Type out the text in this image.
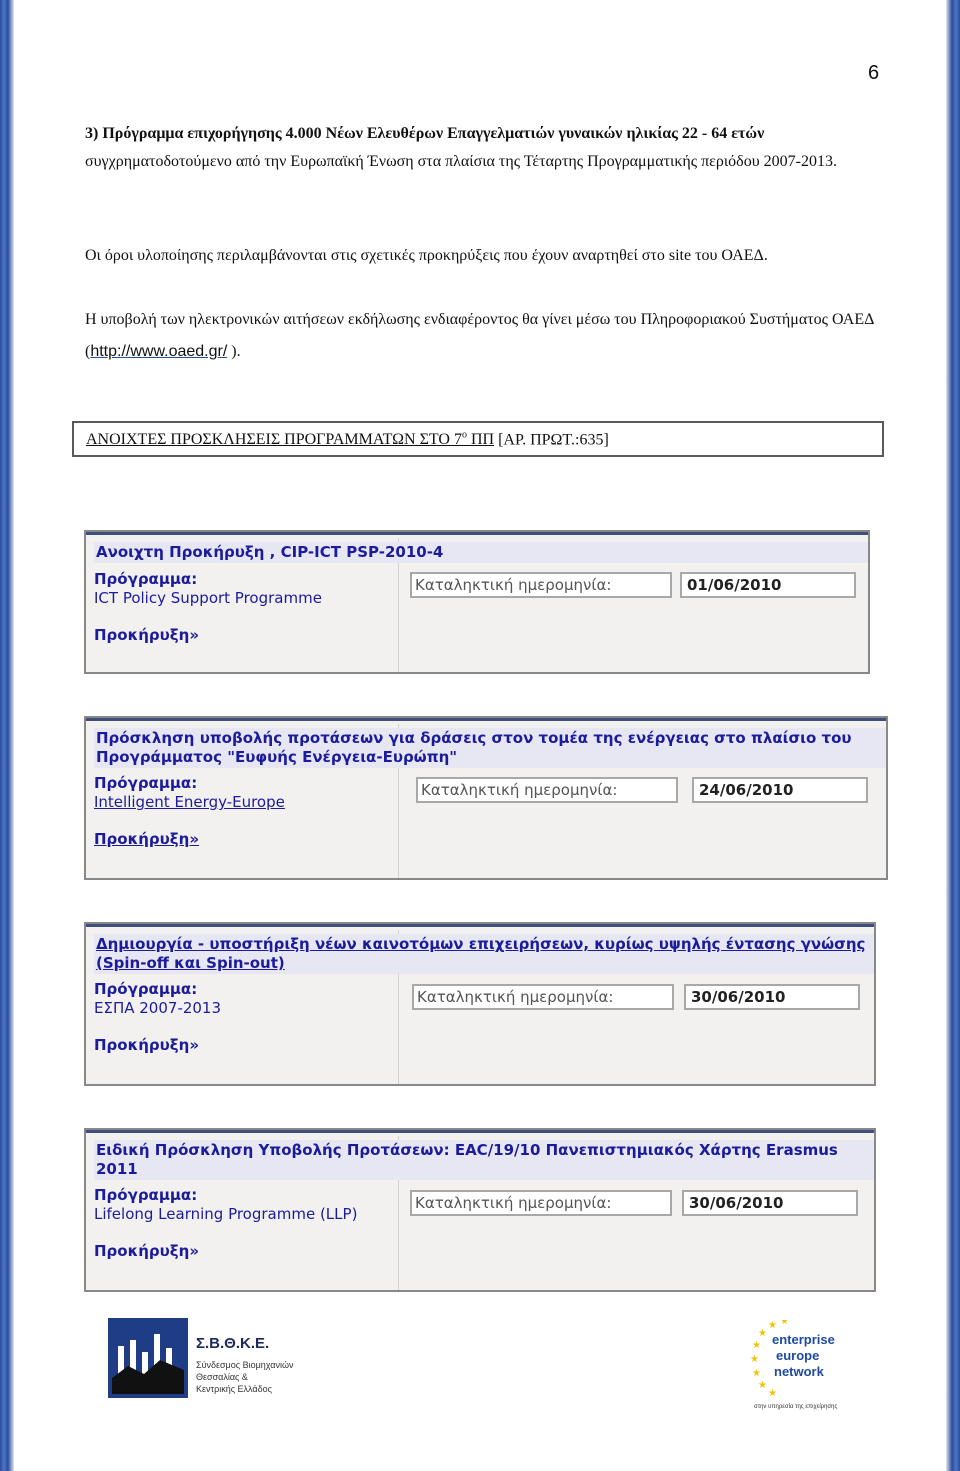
6
3) Πρόγραμμα επιχορήγησης 4.000 Νέων Ελευθέρων Επαγγελματιών γυναικών ηλικίας 22 - 64 ετών συγχρηματοδοτούμενο από την Ευρωπαϊκή Ένωση στα πλαίσια της Τέταρτης Προγραμματικής περιόδου 2007-2013.
Οι όροι υλοποίησης περιλαμβάνονται στις σχετικές προκηρύξεις που έχουν αναρτηθεί στο site του ΟΑΕΔ.
Η υποβολή των ηλεκτρονικών αιτήσεων εκδήλωσης ενδιαφέροντος θα γίνει μέσω του Πληροφοριακού Συστήματος ΟΑΕΔ (http://www.oaed.gr/ ).
ΑΝΟΙΧΤΕΣ ΠΡΟΣΚΛΗΣΕΙΣ ΠΡΟΓΡΑΜΜΑΤΩΝ ΣΤΟ $7^o$ ΠΠ [ΑΡ. ΠΡΩΤ.:635]
Ανοιχτη Προκήρυξη , CIP-ICT PSP-2010-4
Πρόγραμμα:
ICT Policy Support Programme
Καταληκτική ημερομηνία:	01/06/2010
Προκήρυξη»
Πρόσκληση υποβολής προτάσεων για δράσεις στον τομέα της ενέργειας στο πλαίσιο του Προγράμματος "Ευφυής Ενέργεια-Ευρώπη"
Πρόγραμμα:
Intelligent Energy-Europe
Καταληκτική ημερομηνία:	24/06/2010
Προκήρυξη»
Δημιουργία - υποστήριξη νέων καινοτόμων επιχειρήσεων, κυρίως υψηλής έντασης γνώσης (Spin-off και Spin-out)
Πρόγραμμα:
ΕΣΠΑ 2007-2013
Καταληκτική ημερομηνία:	30/06/2010
Προκήρυξη»
Ειδική Πρόσκληση Υποβολής Προτάσεων: EAC/19/10 Πανεπιστημιακός Χάρτης Erasmus 2011
Πρόγραμμα:
Lifelong Learning Programme (LLP)
Καταληκτική ημερομηνία:	30/06/2010
Προκήρυξη»
Σ.Β.Θ.Κ.Ε.
Σύνδεσμος Βιομηχανιών
Θεσσαλίας &
Κεντρικής Ελλάδος
★
★
★
★
★
★
★ ★
enterprise
europe
network
στην υπηρεσία της επιχείρησης
